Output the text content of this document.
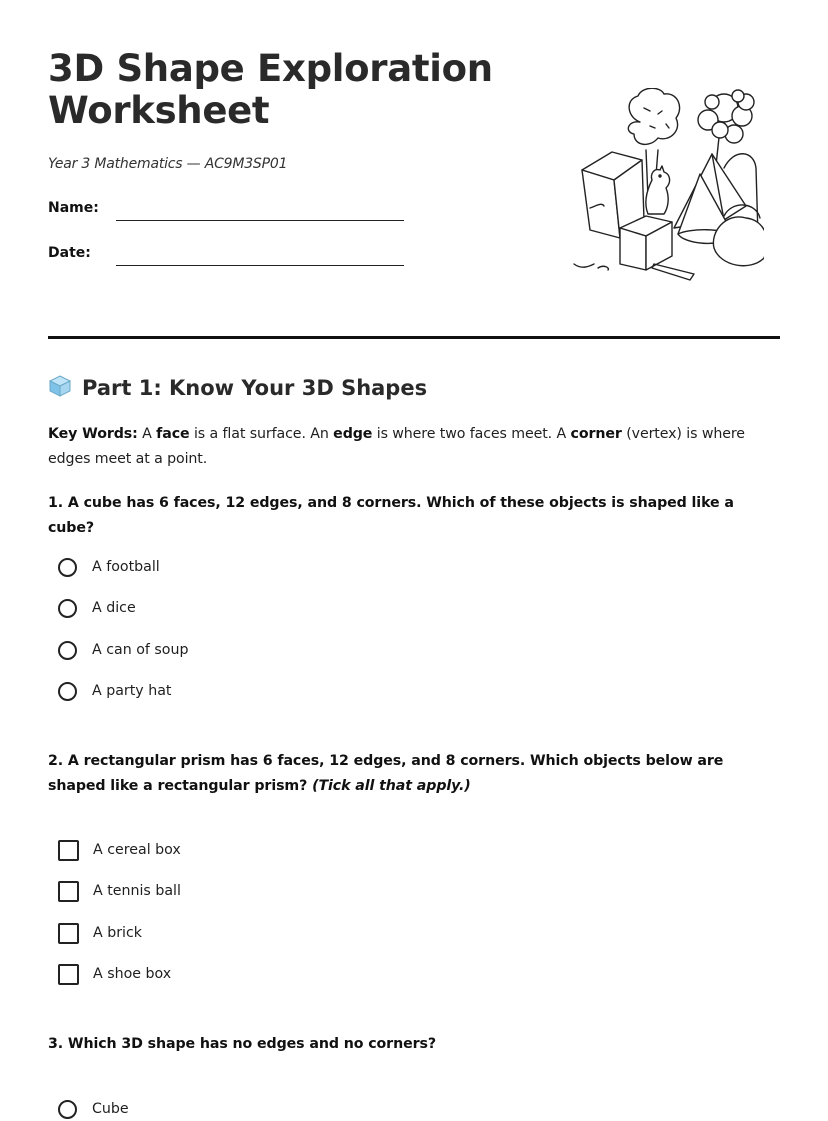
3D Shape Exploration Worksheet
Year 3 Mathematics — AC9M3SP01
Name:
Date:
Part 1: Know Your 3D Shapes

Key Words: A face is a flat surface. An edge is where two faces meet. A corner (vertex) is where edges meet at a point.

1. A cube has 6 faces, 12 edges, and 8 corners. Which of these objects is shaped like a cube?
A football
A dice
A can of soup
A party hat
2. A rectangular prism has 6 faces, 12 edges, and 8 corners. Which objects below are shaped like a rectangular prism? (Tick all that apply.)
A cereal box
A tennis ball
A brick
A shoe box
3. Which 3D shape has no edges and no corners?
Cube
